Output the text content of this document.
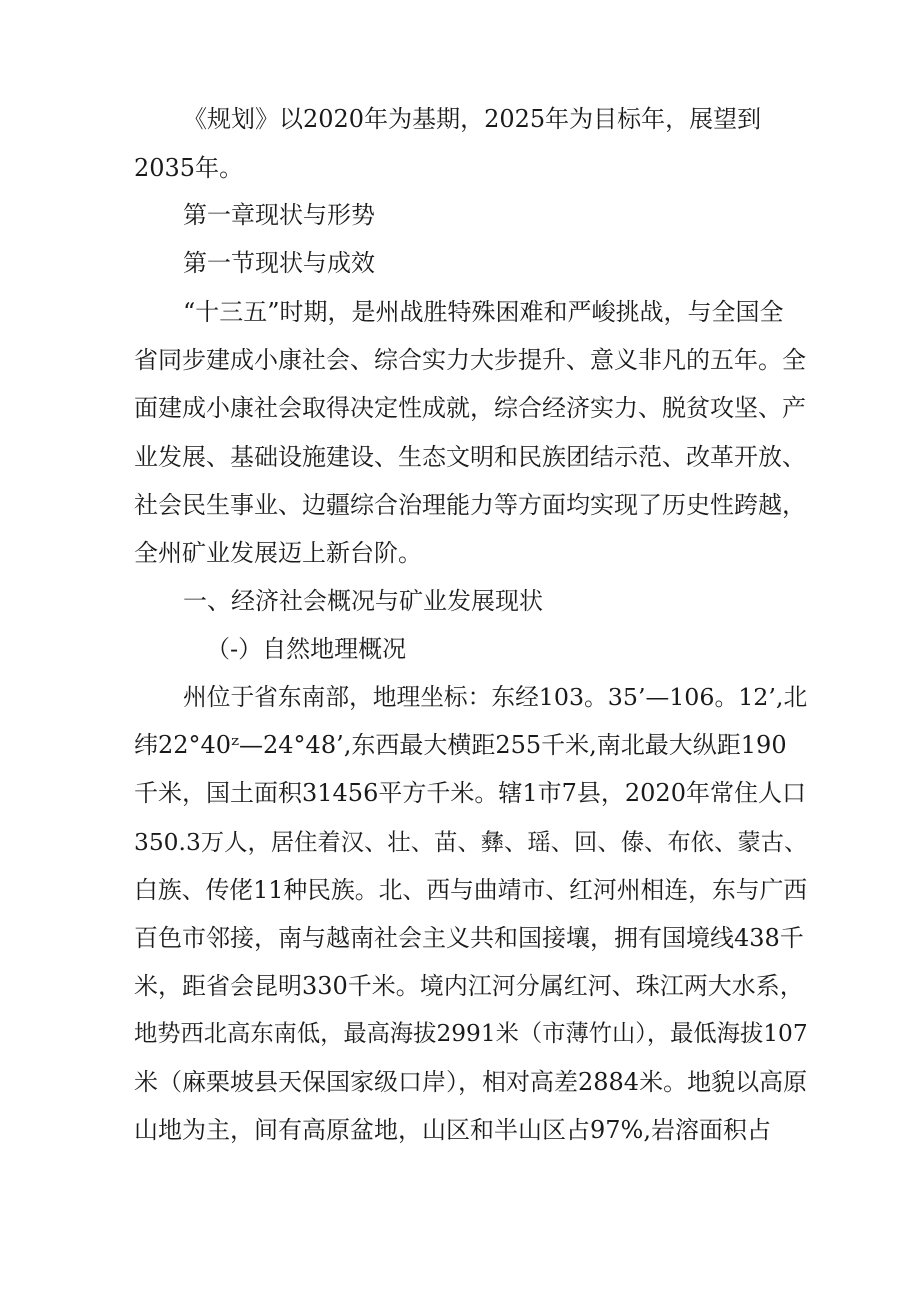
《规划》以2020年为基期，2025年为目标年，展望到

2035年。

第一章现状与形势

第一节现状与成效

“十三五”时期，是州战胜特殊困难和严峻挑战，与全国全

省同步建成小康社会、综合实力大步提升、意义非凡的五年。全

面建成小康社会取得决定性成就，综合经济实力、脱贫攻坚、产

业发展、基础设施建设、生态文明和民族团结示范、改革开放、

社会民生事业、边疆综合治理能力等方面均实现了历史性跨越，

全州矿业发展迈上新台阶。

一、经济社会概况与矿业发展现状

（-）自然地理概况

州位于省东南部，地理坐标：东经103。35’—106。12’,北

纬22°40ᶻ—24°48’,东西最大横距255千米,南北最大纵距190

千米，国土面积31456平方千米。辖1市7县，2020年常住人口

350.3万人，居住着汉、壮、苗、彝、瑶、回、傣、布依、蒙古、

白族、传佬11种民族。北、西与曲靖市、红河州相连，东与广西

百色市邻接，南与越南社会主义共和国接壤，拥有国境线438千

米，距省会昆明330千米。境内江河分属红河、珠江两大水系，

地势西北高东南低，最高海拔2991米（市薄竹山），最低海拔107

米（麻栗坡县天保国家级口岸），相对高差2884米。地貌以高原

山地为主，间有高原盆地，山区和半山区占97%,岩溶面积占
